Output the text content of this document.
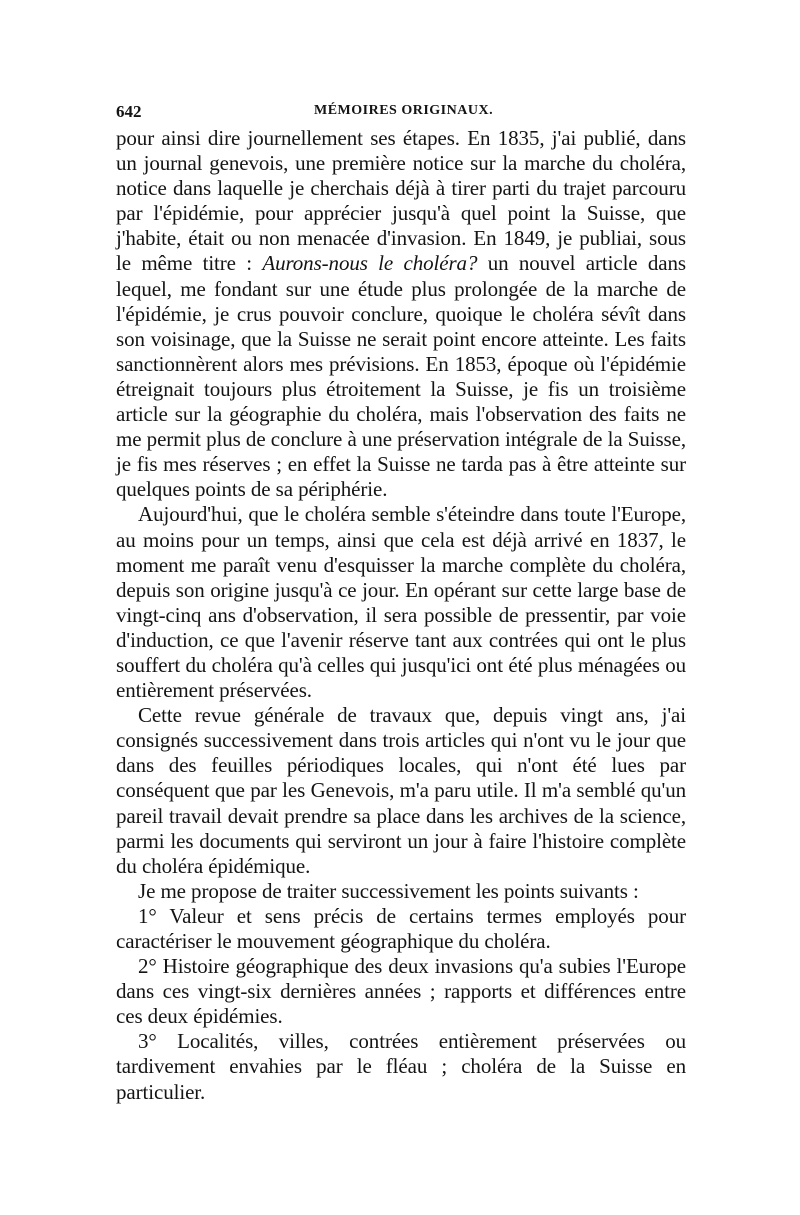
642	MÉMOIRES ORIGINAUX.

pour ainsi dire journellement ses étapes. En 1835, j'ai publié, dans un journal genevois, une première notice sur la marche du choléra, notice dans laquelle je cherchais déjà à tirer parti du trajet parcouru par l'épidémie, pour apprécier jusqu'à quel point la Suisse, que j'habite, était ou non menacée d'invasion. En 1849, je publiai, sous le même titre : Aurons-nous le choléra? un nouvel article dans lequel, me fondant sur une étude plus prolongée de la marche de l'épidémie, je crus pouvoir conclure, quoique le choléra sévît dans son voisinage, que la Suisse ne serait point encore atteinte. Les faits sanctionnèrent alors mes prévisions. En 1853, époque où l'épidémie étreignait toujours plus étroitement la Suisse, je fis un troisième article sur la géographie du choléra, mais l'observation des faits ne me permit plus de conclure à une préservation intégrale de la Suisse, je fis mes réserves ; en effet la Suisse ne tarda pas à être atteinte sur quelques points de sa périphérie.

Aujourd'hui, que le choléra semble s'éteindre dans toute l'Europe, au moins pour un temps, ainsi que cela est déjà arrivé en 1837, le moment me paraît venu d'esquisser la marche complète du choléra, depuis son origine jusqu'à ce jour. En opérant sur cette large base de vingt-cinq ans d'observation, il sera possible de pressentir, par voie d'induction, ce que l'avenir réserve tant aux contrées qui ont le plus souffert du choléra qu'à celles qui jusqu'ici ont été plus ménagées ou entièrement préservées.

Cette revue générale de travaux que, depuis vingt ans, j'ai consignés successivement dans trois articles qui n'ont vu le jour que dans des feuilles périodiques locales, qui n'ont été lues par conséquent que par les Genevois, m'a paru utile. Il m'a semblé qu'un pareil travail devait prendre sa place dans les archives de la science, parmi les documents qui serviront un jour à faire l'histoire complète du choléra épidémique.

Je me propose de traiter successivement les points suivants :

1° Valeur et sens précis de certains termes employés pour caractériser le mouvement géographique du choléra.

2° Histoire géographique des deux invasions qu'a subies l'Europe dans ces vingt-six dernières années ; rapports et différences entre ces deux épidémies.

3° Localités, villes, contrées entièrement préservées ou tardivement envahies par le fléau ; choléra de la Suisse en particulier.
